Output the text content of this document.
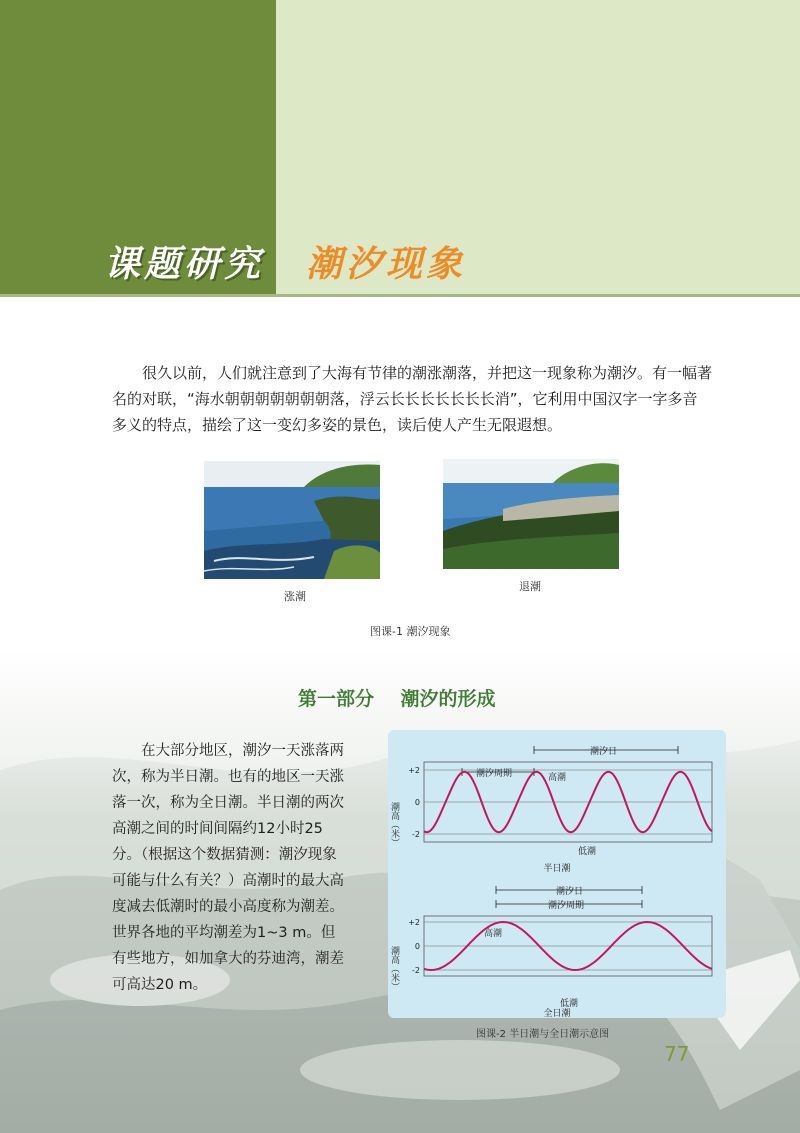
课题研究 潮汐现象

很久以前，人们就注意到了大海有节律的潮涨潮落，并把这一现象称为潮汐。有一幅著名的对联，“海水朝朝朝朝朝朝朝落，浮云长长长长长长长消”，它利用中国汉字一字多音多义的特点，描绘了这一变幻多姿的景色，读后使人产生无限遐想。

涨潮
退潮
图课-1 潮汐现象
第一部分    潮汐的形成

在大部分地区，潮汐一天涨落两次，称为半日潮。也有的地区一天涨落一次，称为全日潮。半日潮的两次高潮之间的时间间隔约12小时25分。（根据这个数据猜测：潮汐现象可能与什么有关？）高潮时的最大高度减去低潮时的最小高度称为潮差。世界各地的平均潮差为1~3 m。但有些地方，如加拿大的芬迪湾，潮差可高达20 m。

潮汐日
潮汐周期	高潮
低潮
半日潮
潮高（米）
+2
0
-2
潮汐日
潮汐周期
高潮
低潮
全日潮
潮高（米）
+2
0
-2
图课-2 半日潮与全日潮示意图
77
